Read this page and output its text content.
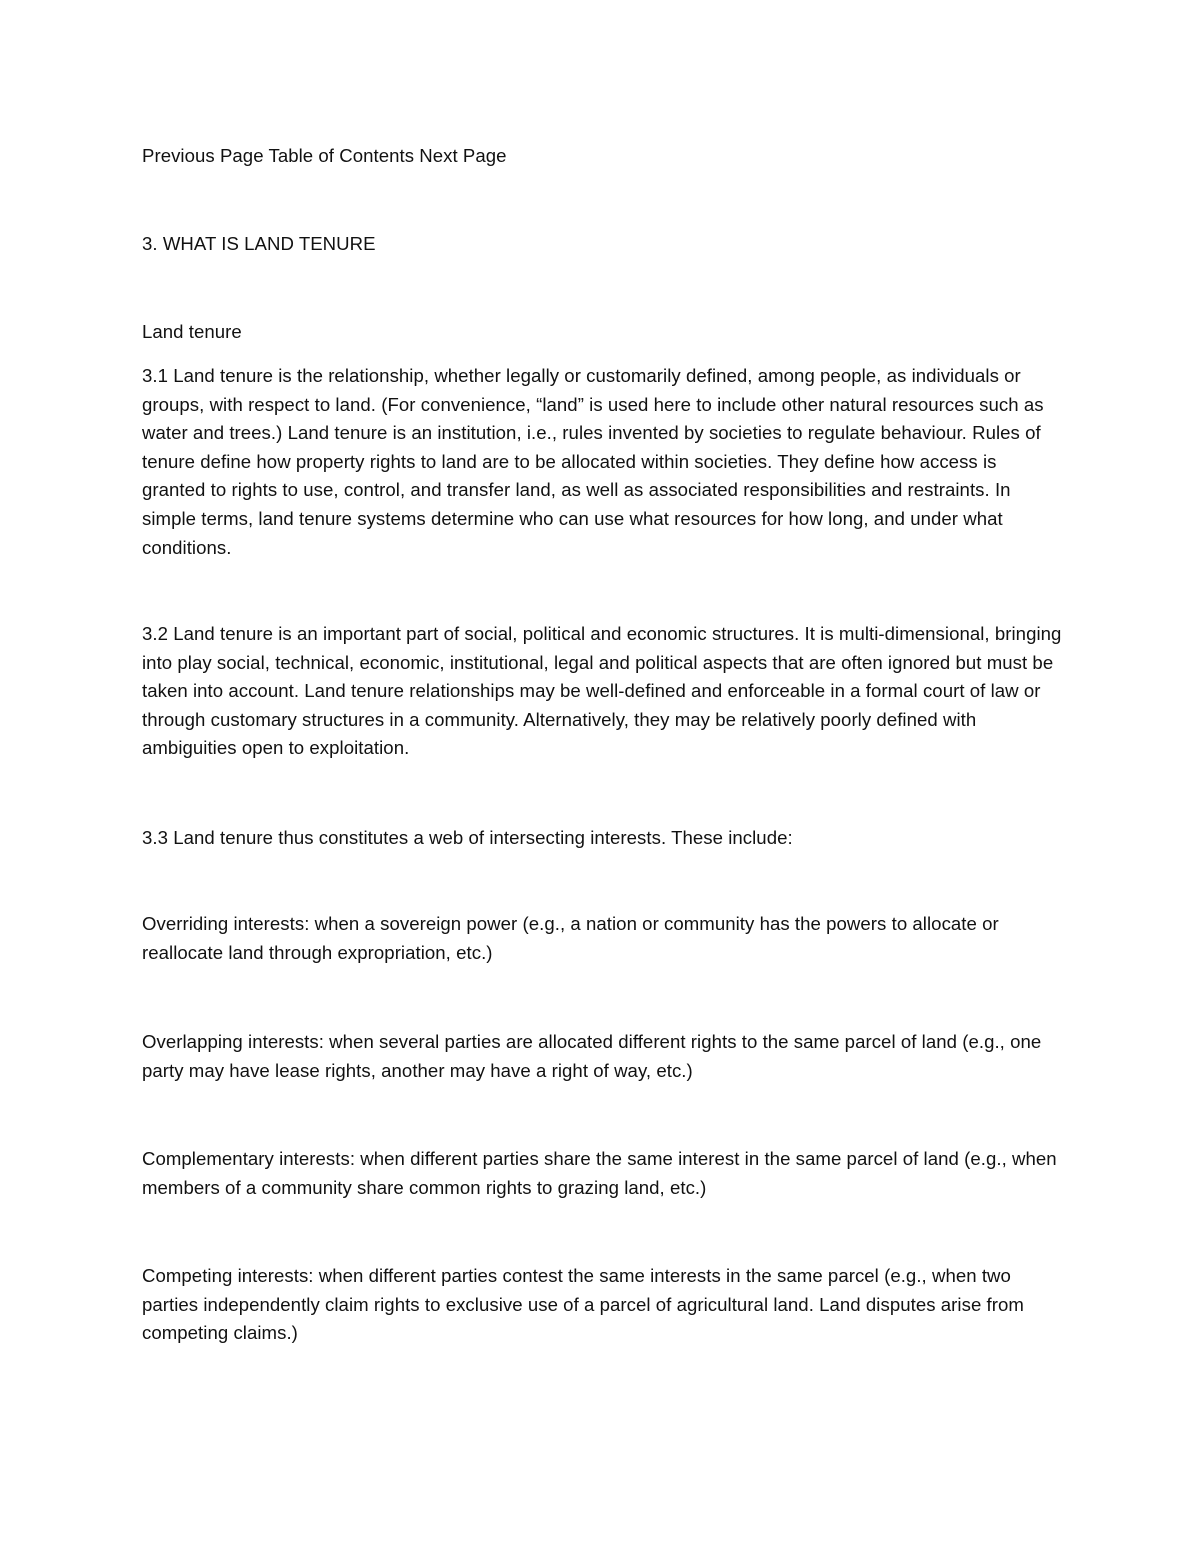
Previous Page Table of Contents Next Page
3. WHAT IS LAND TENURE
Land tenure
3.1 Land tenure is the relationship, whether legally or customarily defined, among people, as individuals or groups, with respect to land. (For convenience, “land” is used here to include other natural resources such as water and trees.) Land tenure is an institution, i.e., rules invented by societies to regulate behaviour. Rules of tenure define how property rights to land are to be allocated within societies. They define how access is granted to rights to use, control, and transfer land, as well as associated responsibilities and restraints. In simple terms, land tenure systems determine who can use what resources for how long, and under what conditions.
3.2 Land tenure is an important part of social, political and economic structures. It is multi-dimensional, bringing into play social, technical, economic, institutional, legal and political aspects that are often ignored but must be taken into account. Land tenure relationships may be well-defined and enforceable in a formal court of law or through customary structures in a community. Alternatively, they may be relatively poorly defined with ambiguities open to exploitation.
3.3 Land tenure thus constitutes a web of intersecting interests. These include:
Overriding interests: when a sovereign power (e.g., a nation or community has the powers to allocate or reallocate land through expropriation, etc.)
Overlapping interests: when several parties are allocated different rights to the same parcel of land (e.g., one party may have lease rights, another may have a right of way, etc.)
Complementary interests: when different parties share the same interest in the same parcel of land (e.g., when members of a community share common rights to grazing land, etc.)
Competing interests: when different parties contest the same interests in the same parcel (e.g., when two parties independently claim rights to exclusive use of a parcel of agricultural land. Land disputes arise from competing claims.)
